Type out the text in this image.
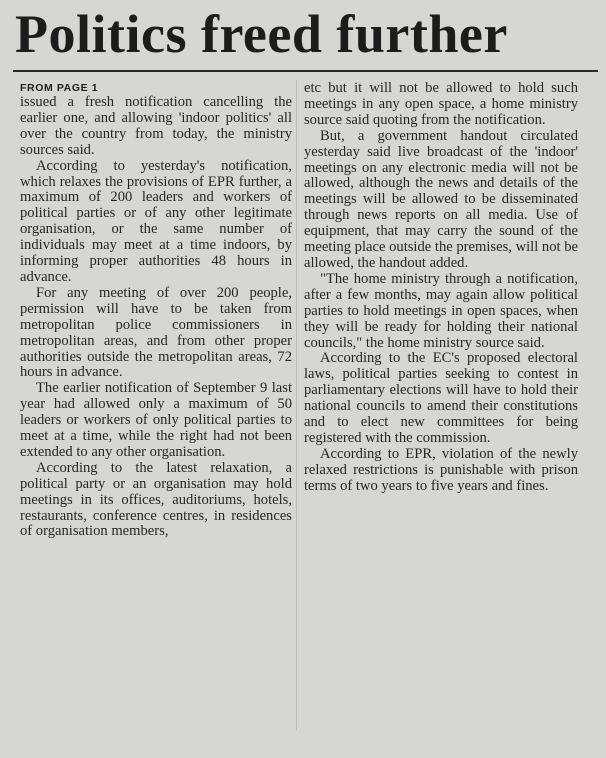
Politics freed further
FROM PAGE 1

issued a fresh notification cancelling the earlier one, and allowing 'indoor politics' all over the country from today, the ministry sources said.

According to yesterday's notification, which relaxes the provisions of EPR further, a maximum of 200 leaders and workers of political parties or of any other legitimate organisation, or the same number of individuals may meet at a time indoors, by informing proper authorities 48 hours in advance.

For any meeting of over 200 people, permission will have to be taken from metropolitan police commissioners in metropolitan areas, and from other proper authorities outside the metropolitan areas, 72 hours in advance.

The earlier notification of September 9 last year had allowed only a maximum of 50 leaders or workers of only political parties to meet at a time, while the right had not been extended to any other organisation.

According to the latest relaxation, a political party or an organisation may hold meetings in its offices, auditoriums, hotels, restaurants, conference centres, in residences of organisation members,

etc but it will not be allowed to hold such meetings in any open space, a home ministry source said quoting from the notification.

But, a government handout circulated yesterday said live broadcast of the 'indoor' meetings on any electronic media will not be allowed, although the news and details of the meetings will be allowed to be disseminated through news reports on all media. Use of equipment, that may carry the sound of the meeting place outside the premises, will not be allowed, the handout added.

"The home ministry through a notification, after a few months, may again allow political parties to hold meetings in open spaces, when they will be ready for holding their national councils," the home ministry source said.

According to the EC's proposed electoral laws, political parties seeking to contest in parliamentary elections will have to hold their national councils to amend their constitutions and to elect new committees for being registered with the commission.

According to EPR, violation of the newly relaxed restrictions is punishable with prison terms of two years to five years and fines.
